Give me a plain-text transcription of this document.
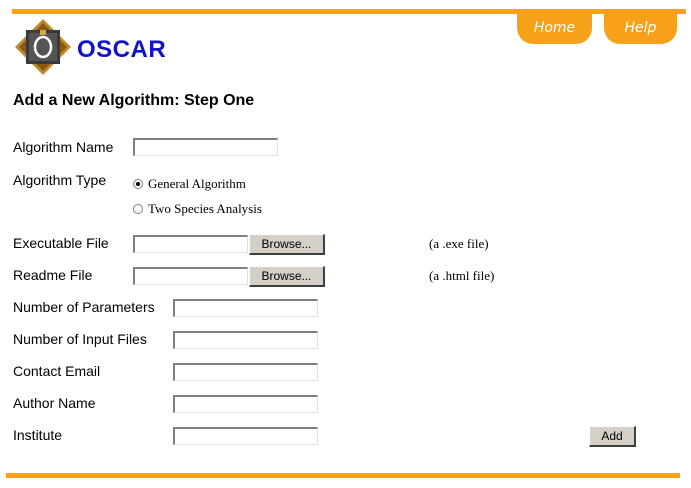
Home	Help
OSCAR
Add a New Algorithm: Step One
Algorithm Name
Algorithm Type	General Algorithm
Two Species Analysis
Executable File	Browse...	(a .exe file)
Readme File	Browse...	(a .html file)
Number of Parameters
Number of Input Files
Contact Email
Author Name
Institute	Add
